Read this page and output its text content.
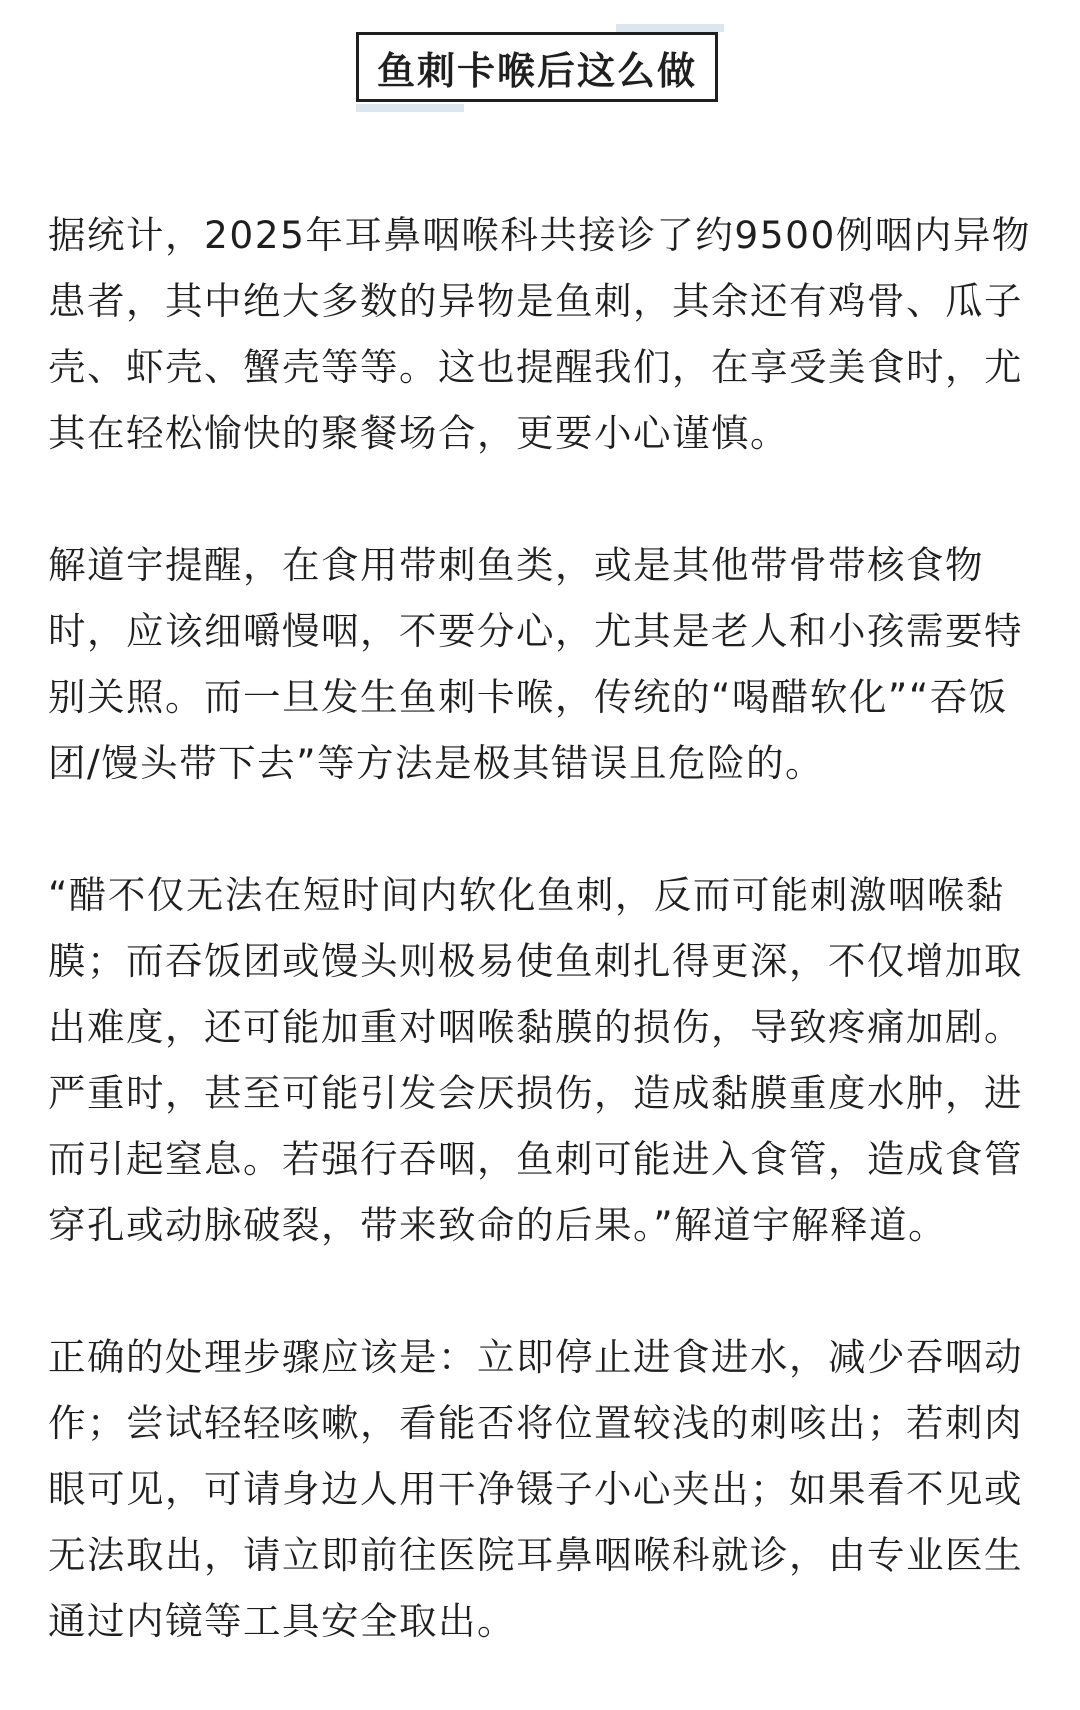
鱼刺卡喉后这么做

据统计，2025年耳鼻咽喉科共接诊了约9500例咽内异物患者，其中绝大多数的异物是鱼刺，其余还有鸡骨、瓜子壳、虾壳、蟹壳等等。这也提醒我们，在享受美食时，尤其在轻松愉快的聚餐场合，更要小心谨慎。

解道宇提醒，在食用带刺鱼类，或是其他带骨带核食物时，应该细嚼慢咽，不要分心，尤其是老人和小孩需要特别关照。而一旦发生鱼刺卡喉，传统的“喝醋软化”“吞饭团/馒头带下去”等方法是极其错误且危险的。

“醋不仅无法在短时间内软化鱼刺，反而可能刺激咽喉黏膜；而吞饭团或馒头则极易使鱼刺扎得更深，不仅增加取出难度，还可能加重对咽喉黏膜的损伤，导致疼痛加剧。严重时，甚至可能引发会厌损伤，造成黏膜重度水肿，进而引起窒息。若强行吞咽，鱼刺可能进入食管，造成食管穿孔或动脉破裂，带来致命的后果。”解道宇解释道。

正确的处理步骤应该是：立即停止进食进水，减少吞咽动作；尝试轻轻咳嗽，看能否将位置较浅的刺咳出；若刺肉眼可见，可请身边人用干净镊子小心夹出；如果看不见或无法取出，请立即前往医院耳鼻咽喉科就诊，由专业医生通过内镜等工具安全取出。
